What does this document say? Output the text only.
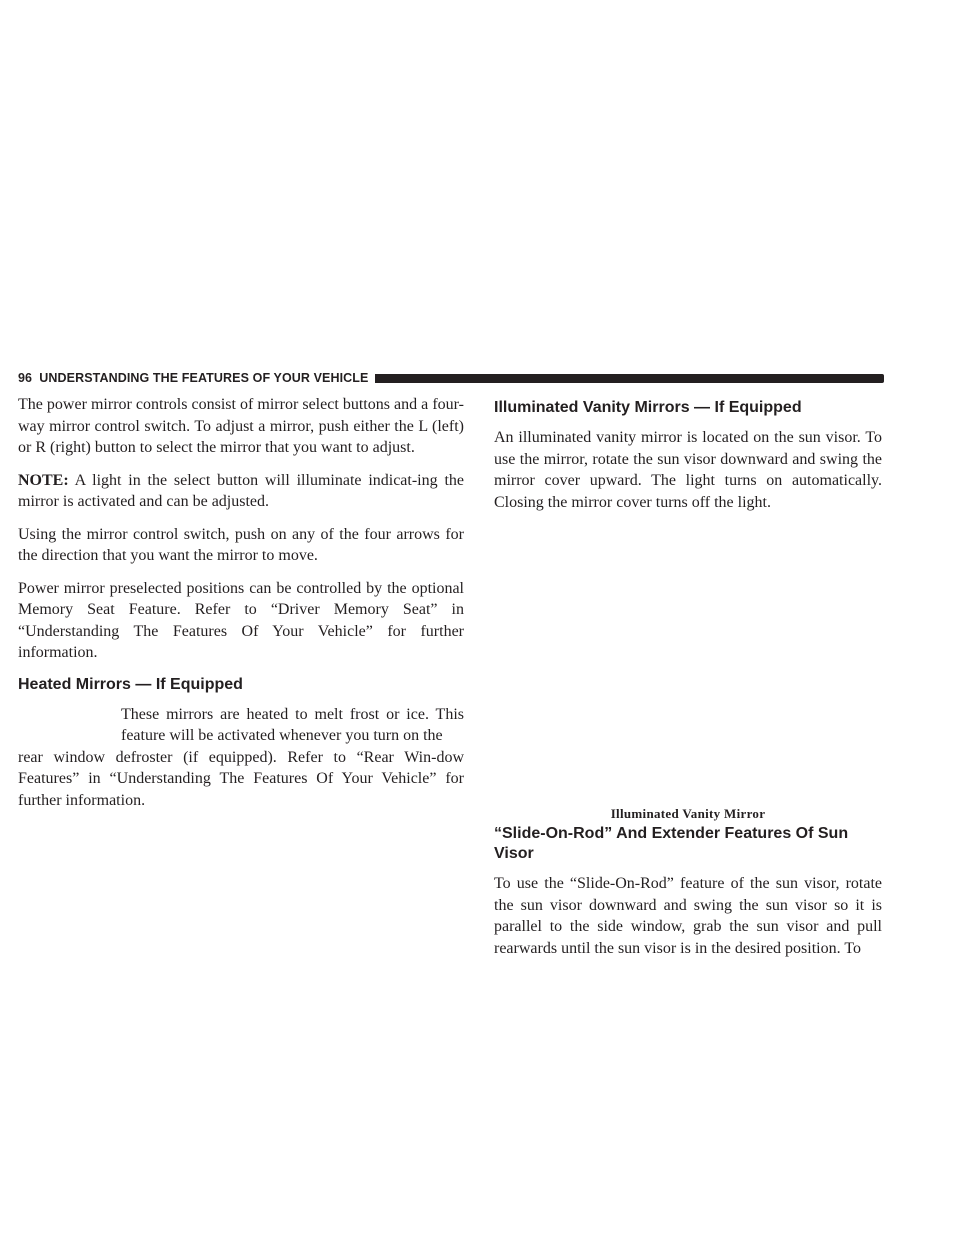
96 UNDERSTANDING THE FEATURES OF YOUR VEHICLE

The power mirror controls consist of mirror select buttons and a four-way mirror control switch. To adjust a mirror, push either the L (left) or R (right) button to select the mirror that you want to adjust.

NOTE: A light in the select button will illuminate indicat-ing the mirror is activated and can be adjusted.

Using the mirror control switch, push on any of the four arrows for the direction that you want the mirror to move.

Power mirror preselected positions can be controlled by the optional Memory Seat Feature. Refer to “Driver Memory Seat” in “Understanding The Features Of Your Vehicle” for further information.

Heated Mirrors — If Equipped
These mirrors are heated to melt frost or ice. This feature will be activated whenever you turn on the

rear window defroster (if equipped). Refer to “Rear Win-dow Features” in “Understanding The Features Of Your Vehicle” for further information.

Illuminated Vanity Mirrors — If Equipped

An illuminated vanity mirror is located on the sun visor. To use the mirror, rotate the sun visor downward and swing the mirror cover upward. The light turns on automatically. Closing the mirror cover turns off the light.

Illuminated Vanity Mirror
“Slide-On-Rod” And Extender Features Of Sun Visor

To use the “Slide-On-Rod” feature of the sun visor, rotate the sun visor downward and swing the sun visor so it is parallel to the side window, grab the sun visor and pull rearwards until the sun visor is in the desired position. To
